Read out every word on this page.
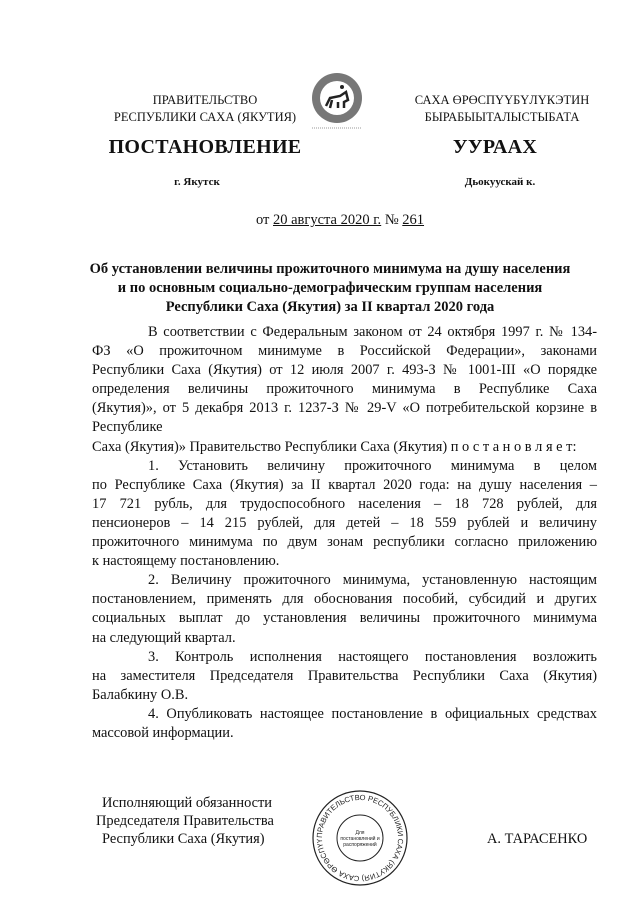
ПРАВИТЕЛЬСТВО
РЕСПУБЛИКИ САХА (ЯКУТИЯ)
САХА ӨРӨСПҮҮБҮЛҮКЭТИН
БЫРАБЫЫТАЛЫСТЫБАТА
ПОСТАНОВЛЕНИЕ	УУРААХ
г. Якутск	Дьокуускай к.
от 20 августа 2020 г. № 261
Об установлении величины прожиточного минимума на душу населения
и по основным социально-демографическим группам населения
Республики Саха (Якутия) за II квартал 2020 года
В соответствии с Федеральным законом от 24 октября 1997 г. № 134-
ФЗ «О прожиточном минимуме в Российской Федерации», законами
Республики Саха (Якутия) от 12 июля 2007 г. 493-З № 1001-III «О порядке
определения величины прожиточного минимума в Республике Саха
(Якутия)», от 5 декабря 2013 г. 1237-З № 29-V «О потребительской корзине в
Республике
Саха (Якутия)» Правительство Республики Саха (Якутия) п о с т а н о в л я е т:
1. Установить величину прожиточного минимума в целом
по Республике Саха (Якутия) за II квартал 2020 года: на душу населения –
17 721 рубль, для трудоспособного населения – 18 728 рублей, для
пенсионеров – 14 215 рублей, для детей – 18 559 рублей и величину
прожиточного минимума по двум зонам республики согласно приложению
к настоящему постановлению.
2. Величину прожиточного минимума, установленную настоящим
постановлением, применять для обоснования пособий, субсидий и других
социальных выплат до установления величины прожиточного минимума
на следующий квартал.
3. Контроль исполнения настоящего постановления возложить
на заместителя Председателя Правительства Республики Саха (Якутия)
Балабкину О.В.
4. Опубликовать настоящее постановление в официальных средствах
массовой информации.
Исполняющий обязанности
Председателя Правительства
Республики Саха (Якутия)	ПРАВИТЕЛЬСТВО РЕСПУБЛИКИ САХА (ЯКУТИЯ) САХА ӨРӨСПҮҮ
Для
постановлений и
распоряжений	А. ТАРАСЕНКО
